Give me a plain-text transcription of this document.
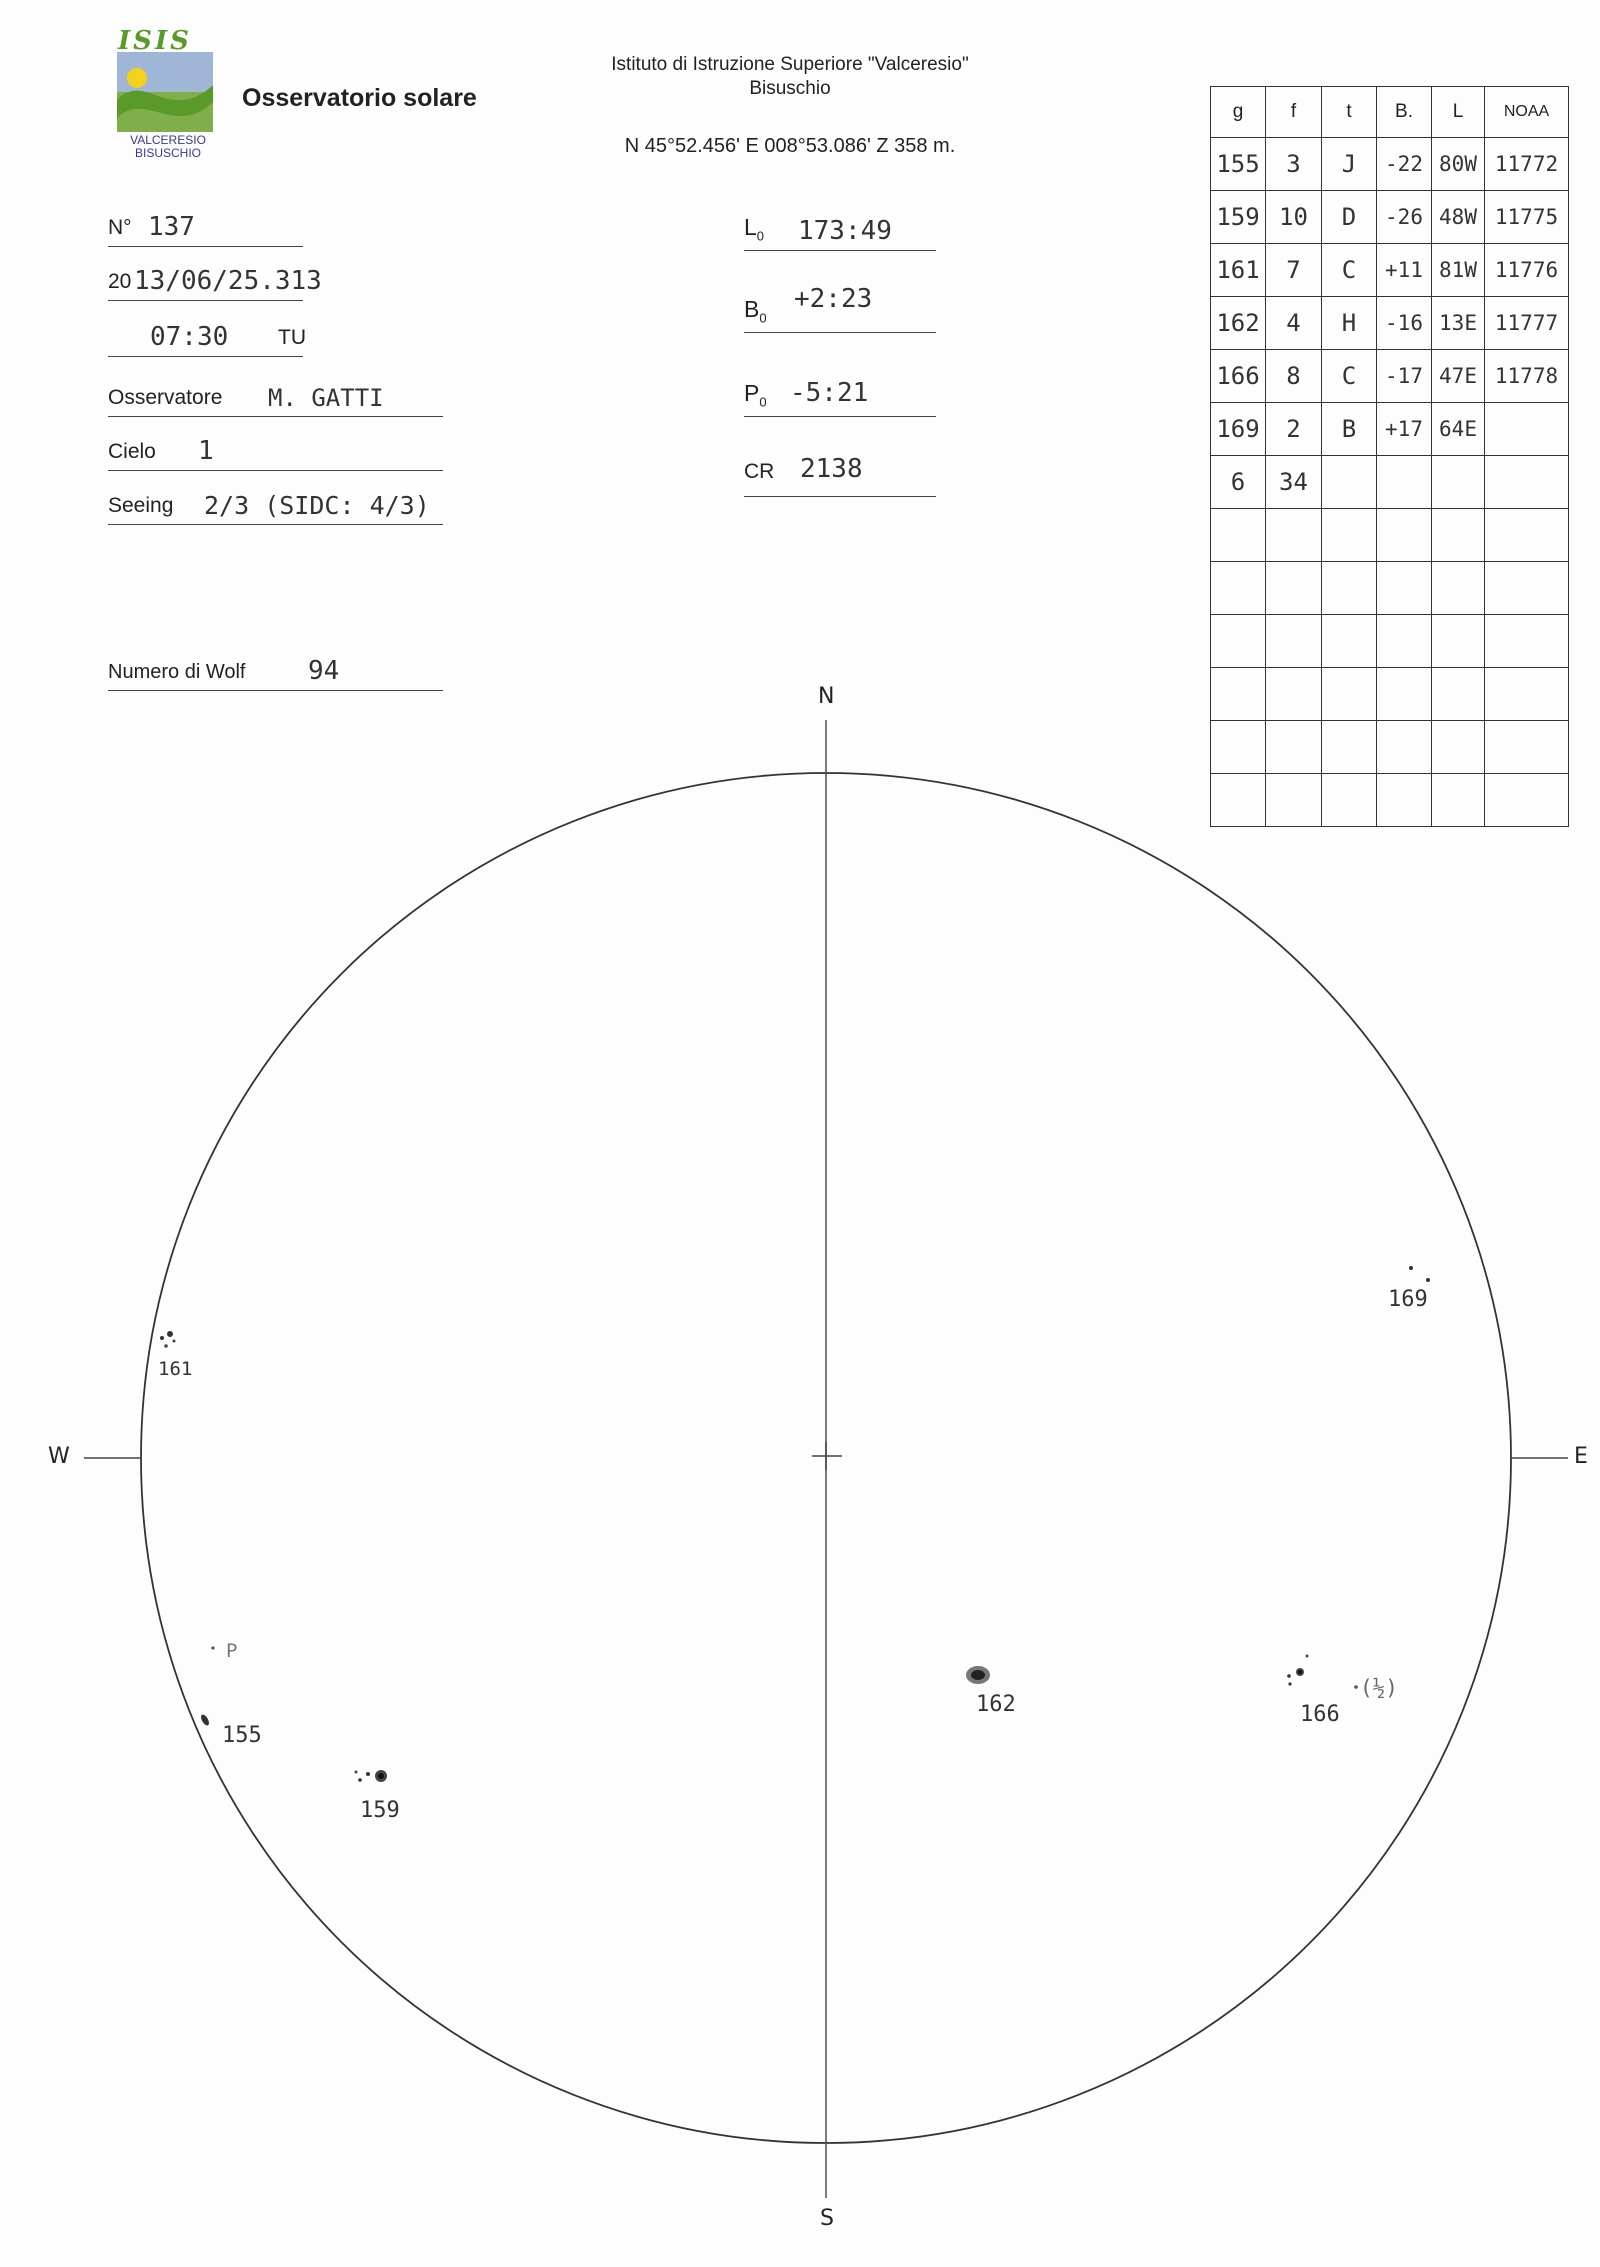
ISIS
VALCERESIO
BISUSCHIO
Osservatorio solare
Istituto di Istruzione Superiore "Valceresio"
Bisuschio
N 45°52.456' E 008°53.086' Z 358 m.
N° 137
20 13/06/25.313
07:30 TU
Osservatore M. GATTI
Cielo 1
Seeing 2/3 (SIDC: 4/3)
Numero di Wolf 94
$L_0$ 173:49
$B_0$
+2:23
$P_0$ -5:21
CR 2138
g	f	t	B.	L	NOAA
155	3	J	-22	80W	11772
159	10	D	-26	48W	11775
161	7	C	+11	81W	11776
162	4	H	-16	13E	11777
166	8	C	-17	47E	11778
169	2	B	+17	64E	
6	34				

N
S
W	E
161
155
159
162	166
169
P
(½)
